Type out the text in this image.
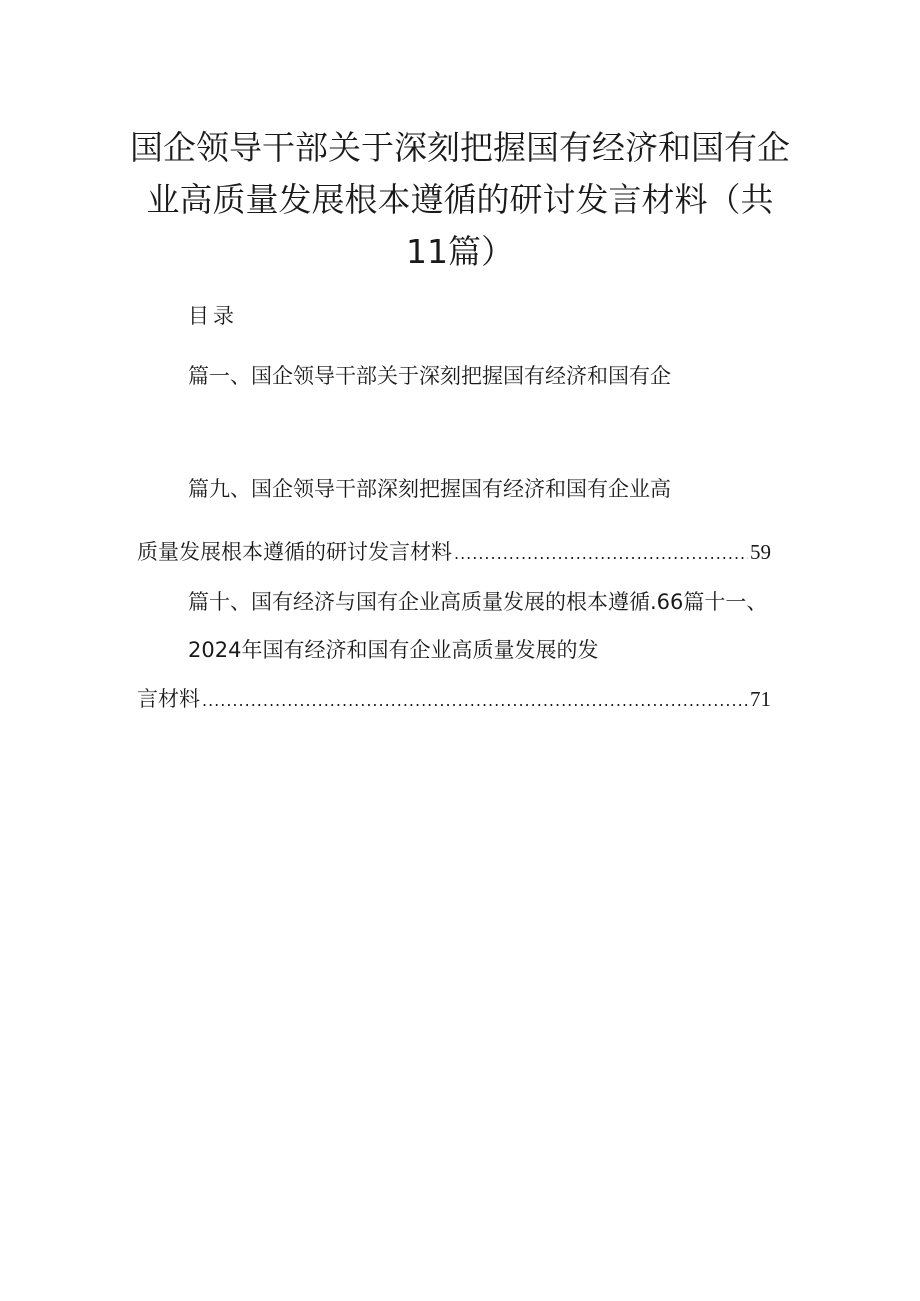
国企领导干部关于深刻把握国有经济和国有企业高质量发展根本遵循的研讨发言材料（共11篇）
目录
篇一、国企领导干部关于深刻把握国有经济和国有企
篇九、国企领导干部深刻把握国有经济和国有企业高
质量发展根本遵循的研讨发言材料 .....	59
篇十、国有经济与国有企业高质量发展的根本遵循.66篇十一、
2024年国有经济和国有企业高质量发展的发
言材料 .....	71
